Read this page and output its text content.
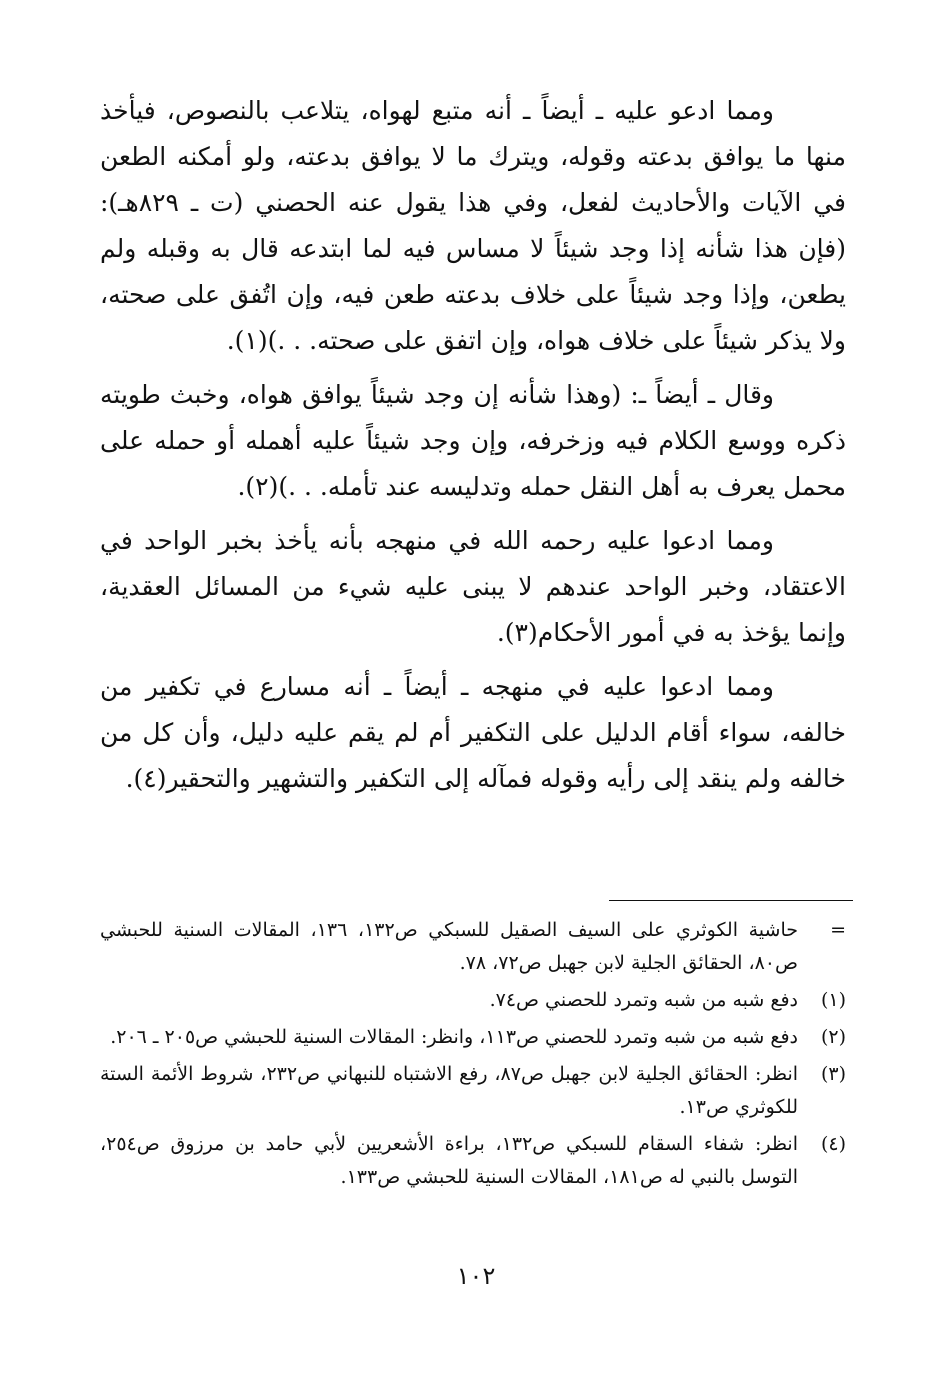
ومما ادعو عليه ـ أيضاً ـ أنه متبع لهواه، يتلاعب بالنصوص، فيأخذ منها ما يوافق بدعته وقوله، ويترك ما لا يوافق بدعته، ولو أمكنه الطعن في الآيات والأحاديث لفعل، وفي هذا يقول عنه الحصني (ت ـ ٨٢٩هـ): (فإن هذا شأنه إذا وجد شيئاً لا مساس فيه لما ابتدعه قال به وقبله ولم يطعن، وإذا وجد شيئاً على خلاف بدعته طعن فيه، وإن اتُفق على صحته، ولا يذكر شيئاً على خلاف هواه، وإن اتفق على صحته. . .)(١).

وقال ـ أيضاً ـ: (وهذا شأنه إن وجد شيئاً يوافق هواه، وخبث طويته ذكره ووسع الكلام فيه وزخرفه، وإن وجد شيئاً عليه أهمله أو حمله على محمل يعرف به أهل النقل حمله وتدليسه عند تأمله. . .)(٢).

ومما ادعوا عليه رحمه الله في منهجه بأنه يأخذ بخبر الواحد في الاعتقاد، وخبر الواحد عندهم لا يبنى عليه شيء من المسائل العقدية، وإنما يؤخذ به في أمور الأحكام(٣).

ومما ادعوا عليه في منهجه ـ أيضاً ـ أنه مسارع في تكفير من خالفه، سواء أقام الدليل على التكفير أم لم يقم عليه دليل، وأن كل من خالفه ولم ينقد إلى رأيه وقوله فمآله إلى التكفير والتشهير والتحقير(٤).

=
حاشية الكوثري على السيف الصقيل للسبكي ص١٣٢، ١٣٦، المقالات السنية للحبشي ص٨٠، الحقائق الجلية لابن جهبل ص٧٢، ٧٨.
(١)
دفع شبه من شبه وتمرد للحصني ص٧٤.
(٢)
دفع شبه من شبه وتمرد للحصني ص١١٣، وانظر: المقالات السنية للحبشي ص٢٠٥ ـ ٢٠٦.
(٣)
انظر: الحقائق الجلية لابن جهبل ص٨٧، رفع الاشتباه للنبهاني ص٢٣٢، شروط الأئمة الستة للكوثري ص١٣.
(٤)
انظر: شفاء السقام للسبكي ص١٣٢، براءة الأشعريين لأبي حامد بن مرزوق ص٢٥٤، التوسل بالنبي له ص١٨١، المقالات السنية للحبشي ص١٣٣.
١٠٢
